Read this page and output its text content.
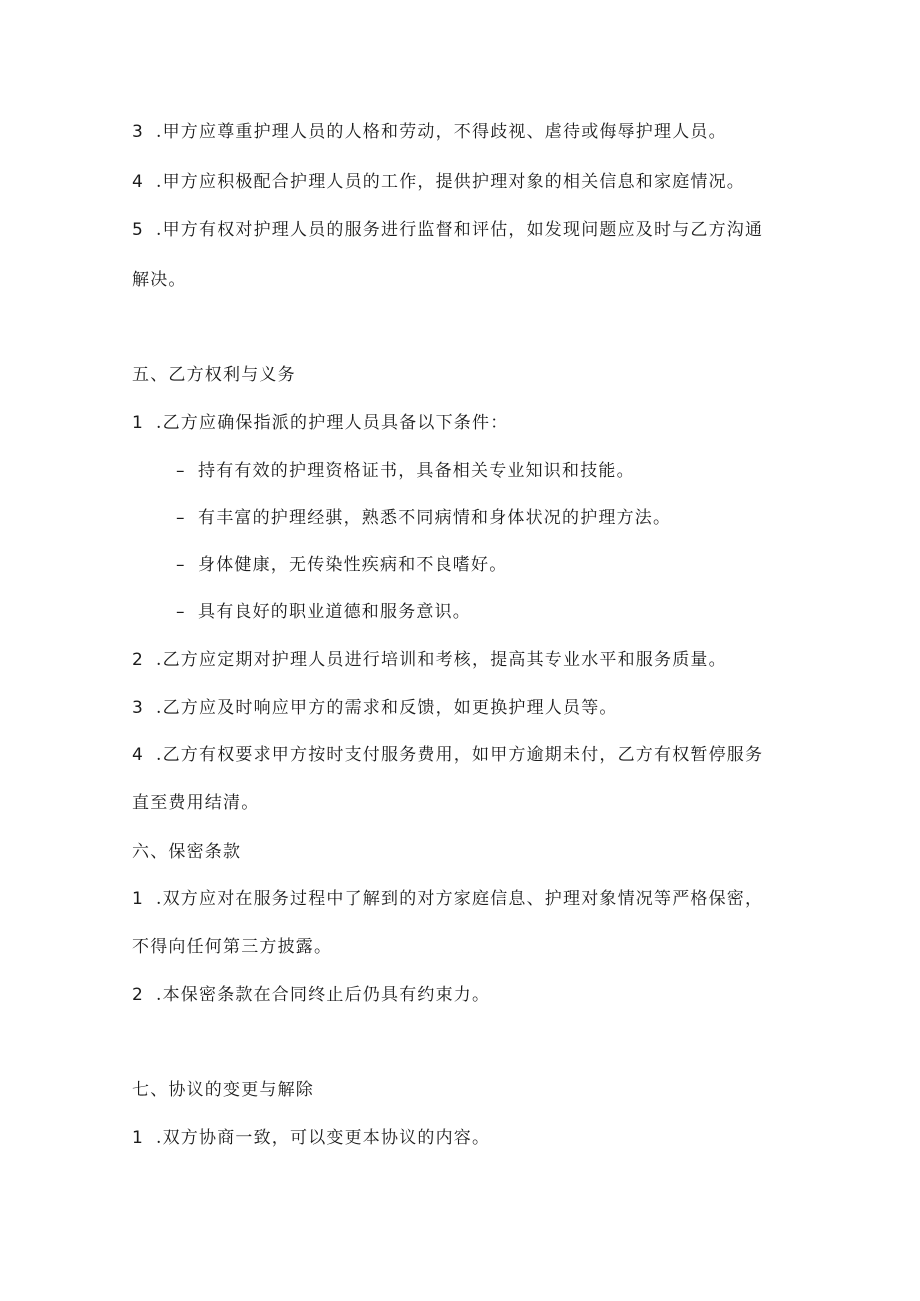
3 .甲方应尊重护理人员的人格和劳动，不得歧视、虐待或侮辱护理人员。
4 .甲方应积极配合护理人员的工作，提供护理对象的相关信息和家庭情况。
5 .甲方有权对护理人员的服务进行监督和评估，如发现问题应及时与乙方沟通
解决。
五、乙方权利与义务
1 .乙方应确保指派的护理人员具备以下条件：
– 持有有效的护理资格证书，具备相关专业知识和技能。
– 有丰富的护理经骐，熟悉不同病情和身体状况的护理方法。
– 身体健康，无传染性疾病和不良嗜好。
– 具有良好的职业道德和服务意识。
2 .乙方应定期对护理人员进行培训和考核，提高其专业水平和服务质量。
3 .乙方应及时响应甲方的需求和反馈，如更换护理人员等。
4 .乙方有权要求甲方按时支付服务费用，如甲方逾期未付，乙方有权暂停服务
直至费用结清。
六、保密条款
1 .双方应对在服务过程中了解到的对方家庭信息、护理对象情况等严格保密，
不得向任何第三方披露。
2 .本保密条款在合同终止后仍具有约束力。
七、协议的变更与解除
1 .双方协商一致，可以变更本协议的内容。
